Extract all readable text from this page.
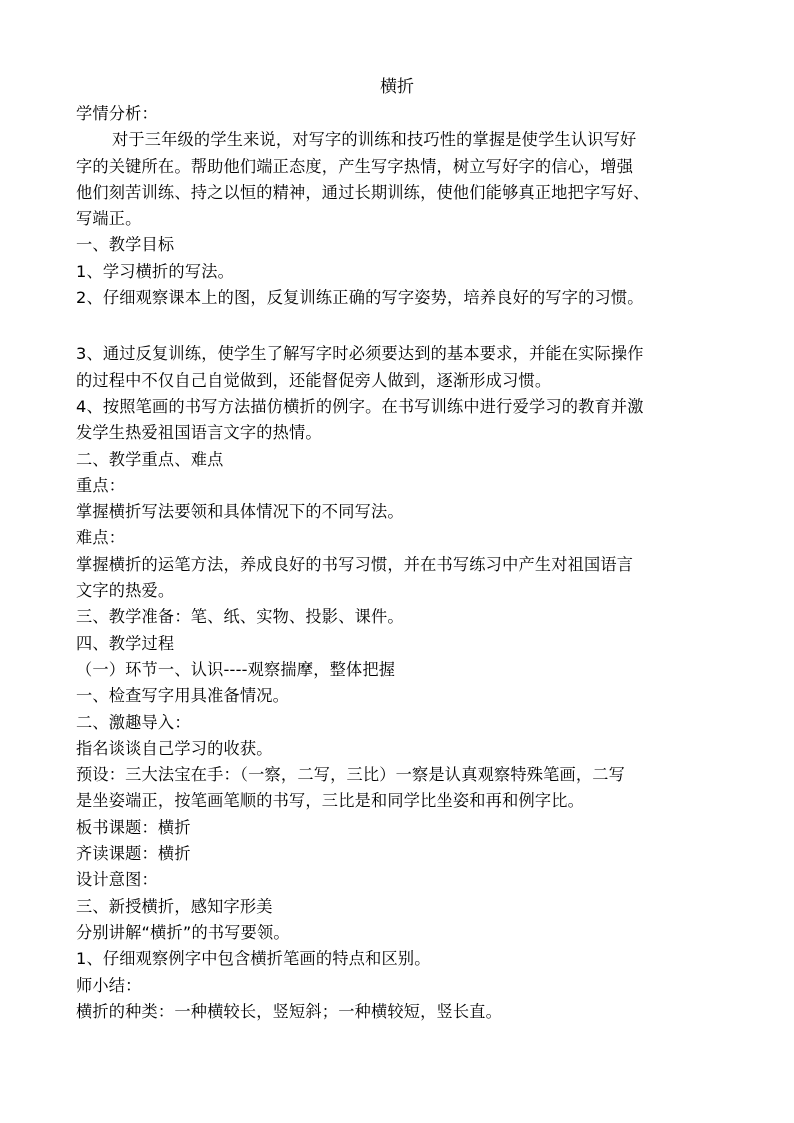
横折
学情分析：
对于三年级的学生来说，对写字的训练和技巧性的掌握是使学生认识写好
字的关键所在。帮助他们端正态度，产生写字热情，树立写好字的信心，增强
他们刻苦训练、持之以恒的精神，通过长期训练，使他们能够真正地把字写好、
写端正。
一、教学目标
1、学习横折的写法。
2、仔细观察课本上的图，反复训练正确的写字姿势，培养良好的写字的习惯。
3、通过反复训练，使学生了解写字时必须要达到的基本要求，并能在实际操作
的过程中不仅自己自觉做到，还能督促旁人做到，逐渐形成习惯。
4、按照笔画的书写方法描仿横折的例字。在书写训练中进行爱学习的教育并激
发学生热爱祖国语言文字的热情。
二、教学重点、难点
重点：
掌握横折写法要领和具体情况下的不同写法。
难点：
掌握横折的运笔方法，养成良好的书写习惯，并在书写练习中产生对祖国语言
文字的热爱。
三、教学准备：笔、纸、实物、投影、课件。
四、教学过程
（一）环节一、认识----观察揣摩，整体把握
一、检查写字用具准备情况。
二、激趣导入：
指名谈谈自己学习的收获。
预设：三大法宝在手：（一察，二写，三比）一察是认真观察特殊笔画，二写
是坐姿端正，按笔画笔顺的书写，三比是和同学比坐姿和再和例字比。
板书课题：横折
齐读课题：横折
设计意图：
三、新授横折，感知字形美
分别讲解“横折”的书写要领。
1、仔细观察例字中包含横折笔画的特点和区别。
师小结：
横折的种类：一种横较长，竖短斜；一种横较短，竖长直。
